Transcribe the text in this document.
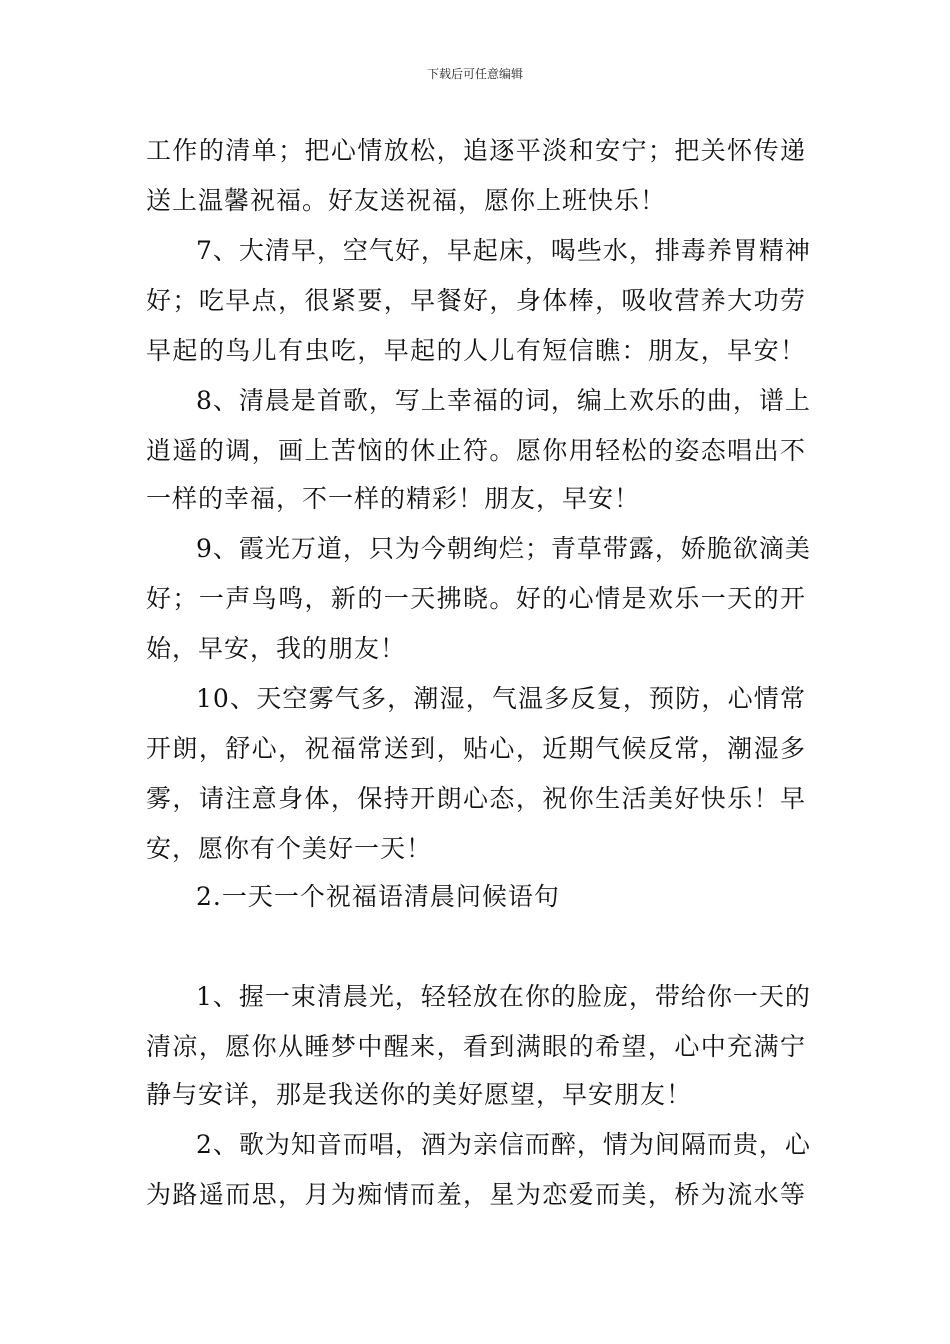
下载后可任意编辑
工作的清单；把心情放松，追逐平淡和安宁；把关怀传递
送上温馨祝福。好友送祝福，愿你上班快乐！
7、大清早，空气好，早起床，喝些水，排毒养胃精神
好；吃早点，很紧要，早餐好，身体棒，吸收营养大功劳
早起的鸟儿有虫吃，早起的人儿有短信瞧：朋友，早安！
8、清晨是首歌，写上幸福的词，编上欢乐的曲，谱上
逍遥的调，画上苦恼的休止符。愿你用轻松的姿态唱出不
一样的幸福，不一样的精彩！朋友，早安！
9、霞光万道，只为今朝绚烂；青草带露，娇脆欲滴美
好；一声鸟鸣，新的一天拂晓。好的心情是欢乐一天的开
始，早安，我的朋友！
10、天空雾气多，潮湿，气温多反复，预防，心情常
开朗，舒心，祝福常送到，贴心，近期气候反常，潮湿多
雾，请注意身体，保持开朗心态，祝你生活美好快乐！早
安，愿你有个美好一天！
2.一天一个祝福语清晨问候语句
1、握一束清晨光，轻轻放在你的脸庞，带给你一天的
清凉，愿你从睡梦中醒来，看到满眼的希望，心中充满宁
静与安详，那是我送你的美好愿望，早安朋友！
2、歌为知音而唱，酒为亲信而醉，情为间隔而贵，心
为路遥而思，月为痴情而羞，星为恋爱而美，桥为流水等
